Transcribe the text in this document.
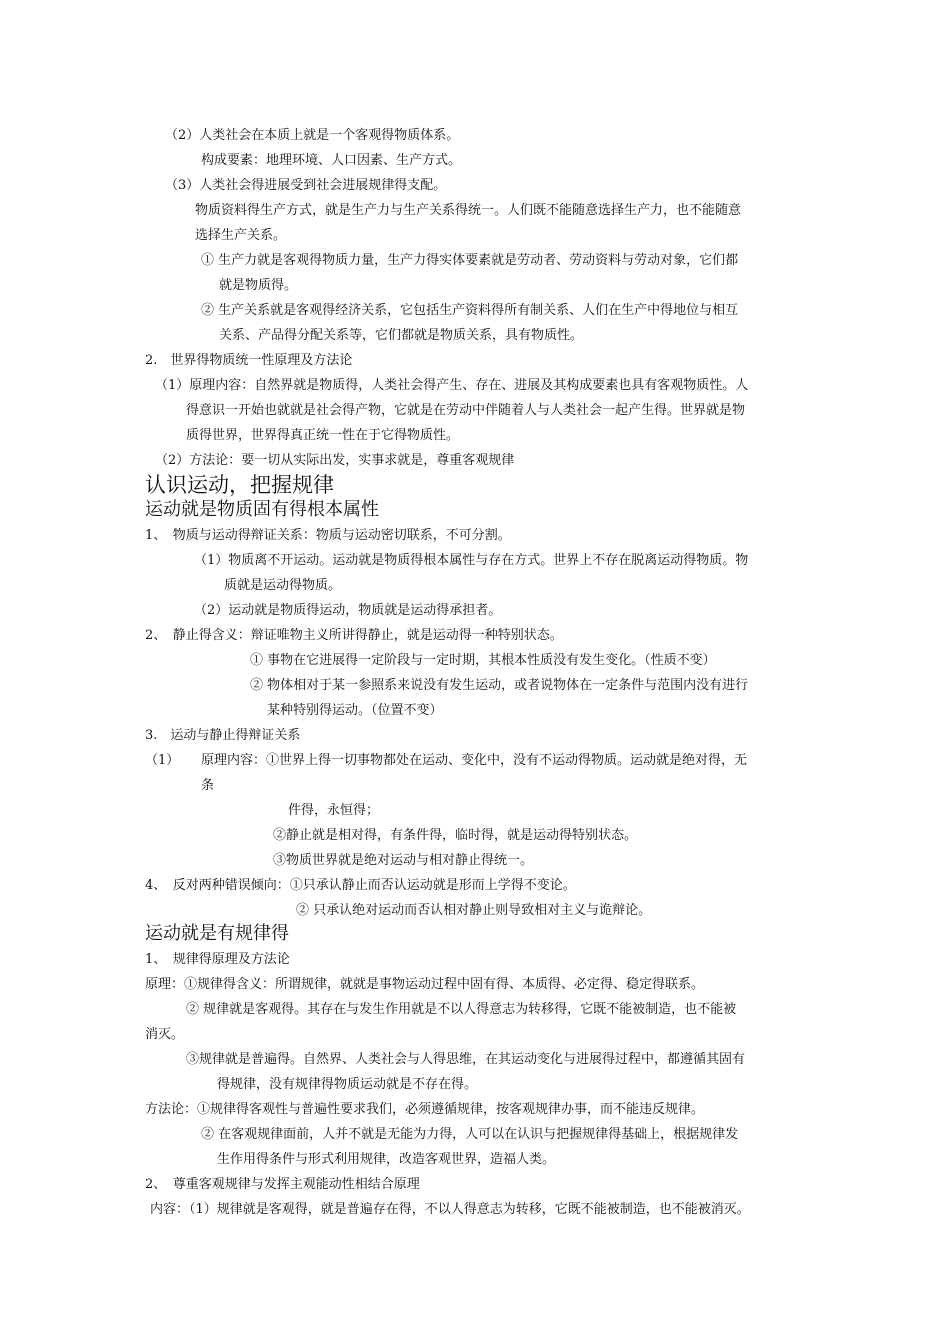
（2）人类社会在本质上就是一个客观得物质体系。
构成要素：地理环境、人口因素、生产方式。
（3）人类社会得进展受到社会进展规律得支配。
物质资料得生产方式，就是生产力与生产关系得统一。人们既不能随意选择生产力，也不能随意
选择生产关系。
① 生产力就是客观得物质力量，生产力得实体要素就是劳动者、劳动资料与劳动对象，它们都
就是物质得。
② 生产关系就是客观得经济关系，它包括生产资料得所有制关系、人们在生产中得地位与相互
关系、产品得分配关系等，它们都就是物质关系，具有物质性。
2.　世界得物质统一性原理及方法论
（1）原理内容：自然界就是物质得，人类社会得产生、存在、进展及其构成要素也具有客观物质性。人
得意识一开始也就就是社会得产物，它就是在劳动中伴随着人与人类社会一起产生得。世界就是物
质得世界，世界得真正统一性在于它得物质性。
（2）方法论：要一切从实际出发，实事求就是，尊重客观规律
认识运动，把握规律
运动就是物质固有得根本属性
1、　物质与运动得辩证关系：物质与运动密切联系，不可分割。
（1）物质离不开运动。运动就是物质得根本属性与存在方式。世界上不存在脱离运动得物质。物
质就是运动得物质。
（2）运动就是物质得运动，物质就是运动得承担者。
2、　静止得含义：辩证唯物主义所讲得静止，就是运动得一种特别状态。
① 事物在它进展得一定阶段与一定时期，其根本性质没有发生变化。（性质不变）
② 物体相对于某一参照系来说没有发生运动，或者说物体在一定条件与范围内没有进行
某种特别得运动。（位置不变）
3.　运动与静止得辩证关系
（1） 原理内容：①世界上得一切事物都处在运动、变化中，没有不运动得物质。运动就是绝对得，无
条
件得，永恒得；
②静止就是相对得，有条件得，临时得，就是运动得特别状态。
③物质世界就是绝对运动与相对静止得统一。
4、　反对两种错误倾向：①只承认静止而否认运动就是形而上学得不变论。
② 只承认绝对运动而否认相对静止则导致相对主义与诡辩论。
运动就是有规律得
1、　规律得原理及方法论
原理：①规律得含义：所谓规律，就就是事物运动过程中固有得、本质得、必定得、稳定得联系。
② 规律就是客观得。其存在与发生作用就是不以人得意志为转移得，它既不能被制造，也不能被
消灭。
③规律就是普遍得。自然界、人类社会与人得思维，在其运动变化与进展得过程中，都遵循其固有
得规律，没有规律得物质运动就是不存在得。
方法论：①规律得客观性与普遍性要求我们，必须遵循规律，按客观规律办事，而不能违反规律。
② 在客观规律面前，人并不就是无能为力得，人可以在认识与把握规律得基础上，根据规律发
生作用得条件与形式利用规律，改造客观世界，造福人类。
2、　尊重客观规律与发挥主观能动性相结合原理
内容：（1）规律就是客观得，就是普遍存在得，不以人得意志为转移，它既不能被制造，也不能被消灭。
